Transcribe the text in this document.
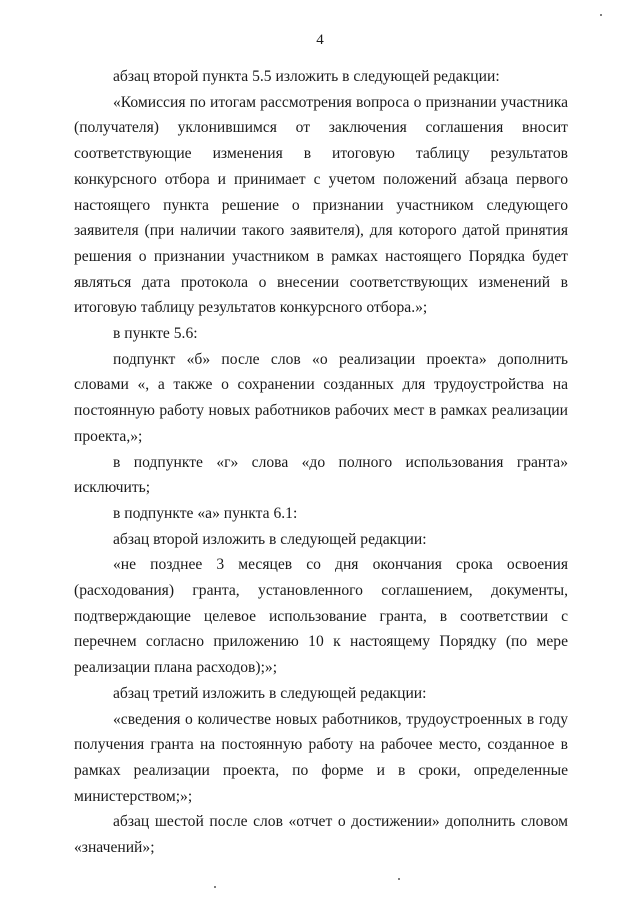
4

абзац второй пункта 5.5 изложить в следующей редакции:

«Комиссия по итогам рассмотрения вопроса о признании участника (получателя) уклонившимся от заключения соглашения вносит соответствующие изменения в итоговую таблицу результатов конкурсного отбора и принимает с учетом положений абзаца первого настоящего пункта решение о признании участником следующего заявителя (при наличии такого заявителя), для которого датой принятия решения о признании участником в рамках настоящего Порядка будет являться дата протокола о внесении соответствующих изменений в итоговую таблицу результатов конкурсного отбора.»;

в пункте 5.6:

подпункт «б» после слов «о реализации проекта» дополнить словами «, а также о сохранении созданных для трудоустройства на постоянную работу новых работников рабочих мест в рамках реализации проекта,»;

в подпункте «г» слова «до полного использования гранта» исключить;

в подпункте «а» пункта 6.1:

абзац второй изложить в следующей редакции:

«не позднее 3 месяцев со дня окончания срока освоения (расходования) гранта, установленного соглашением, документы, подтверждающие целевое использование гранта, в соответствии с перечнем согласно приложению 10 к настоящему Порядку (по мере реализации плана расходов);»;

абзац третий изложить в следующей редакции:

«сведения о количестве новых работников, трудоустроенных в году получения гранта на постоянную работу на рабочее место, созданное в рамках реализации проекта, по форме и в сроки, определенные министерством;»;

абзац шестой после слов «отчет о достижении» дополнить словом «значений»;
